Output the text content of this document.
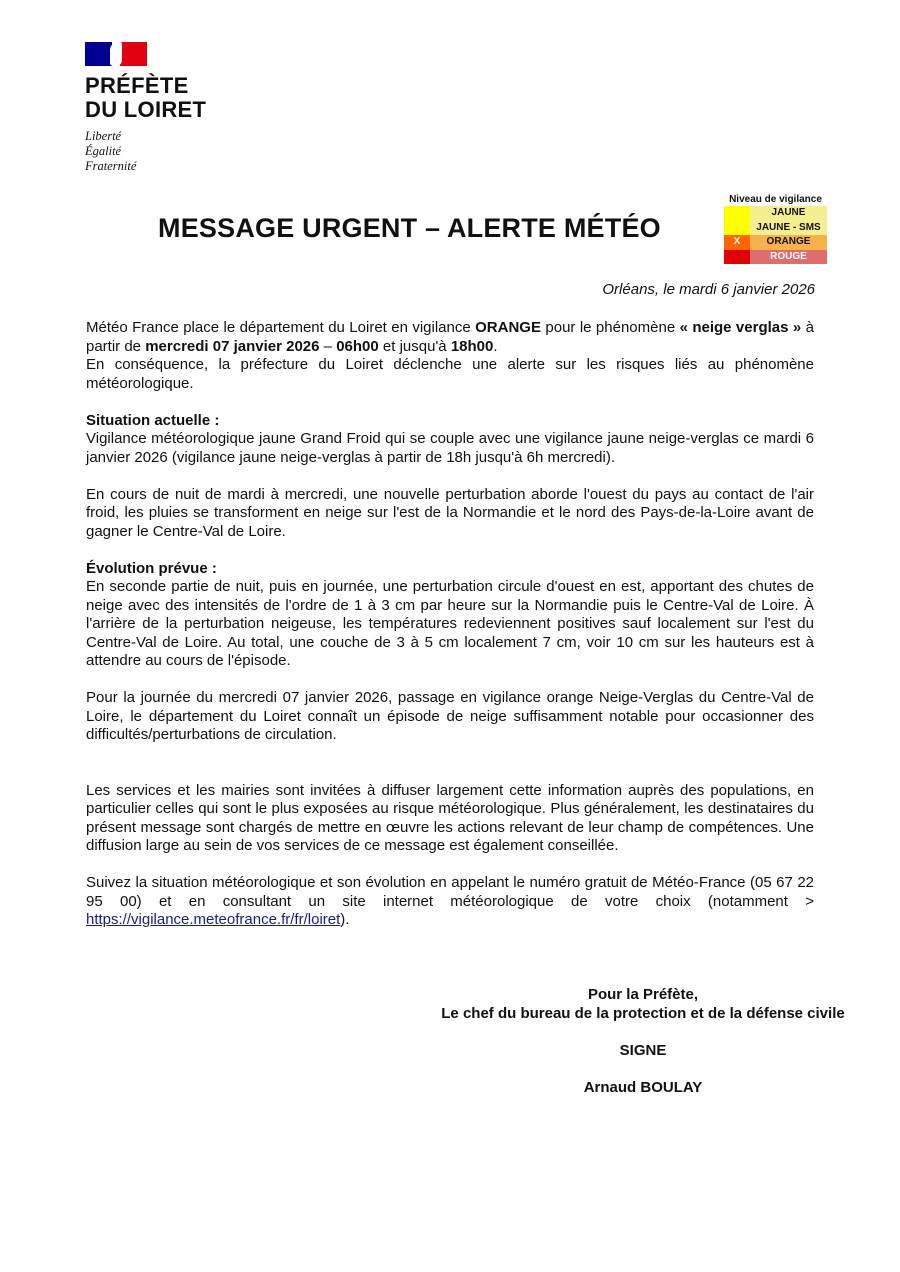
PRÉFÈTE
DU LOIRET
Liberté
Égalité
Fraternité
Niveau de vigilance
JAUNE
JAUNE - SMS
X	ORANGE
ROUGE
MESSAGE URGENT – ALERTE MÉTÉO
Orléans, le mardi 6 janvier 2026

Météo France place le département du Loiret en vigilance ORANGE pour le phénomène « neige verglas » à partir de mercredi 07 janvier 2026 – 06h00 et jusqu'à 18h00.

En conséquence, la préfecture du Loiret déclenche une alerte sur les risques liés au phénomène météorologique.

Situation actuelle :

Vigilance météorologique jaune Grand Froid qui se couple avec une vigilance jaune neige-verglas ce mardi 6 janvier 2026 (vigilance jaune neige-verglas à partir de 18h jusqu'à 6h mercredi).

En cours de nuit de mardi à mercredi, une nouvelle perturbation aborde l'ouest du pays au contact de l'air froid, les pluies se transforment en neige sur l'est de la Normandie et le nord des Pays-de-la-Loire avant de gagner le Centre-Val de Loire.

Évolution prévue :

En seconde partie de nuit, puis en journée, une perturbation circule d'ouest en est, apportant des chutes de neige avec des intensités de l'ordre de 1 à 3 cm par heure sur la Normandie puis le Centre-Val de Loire. À l'arrière de la perturbation neigeuse, les températures redeviennent positives sauf localement sur l'est du Centre-Val de Loire. Au total, une couche de 3 à 5 cm localement 7 cm, voir 10 cm sur les hauteurs est à attendre au cours de l'épisode.

Pour la journée du mercredi 07 janvier 2026, passage en vigilance orange Neige-Verglas du Centre-Val de Loire, le département du Loiret connaît un épisode de neige suffisamment notable pour occasionner des difficultés/perturbations de circulation.

Les services et les mairies sont invitées à diffuser largement cette information auprès des populations, en particulier celles qui sont le plus exposées au risque météorologique. Plus généralement, les destinataires du présent message sont chargés de mettre en œuvre les actions relevant de leur champ de compétences. Une diffusion large au sein de vos services de ce message est également conseillée.

Suivez la situation météorologique et son évolution en appelant le numéro gratuit de Météo-France (05 67 22 95 00) et en consultant un site internet météorologique de votre choix (notamment > https://vigilance.meteofrance.fr/fr/loiret).

Pour la Préfète,
Le chef du bureau de la protection et de la défense civile
SIGNE
Arnaud BOULAY
